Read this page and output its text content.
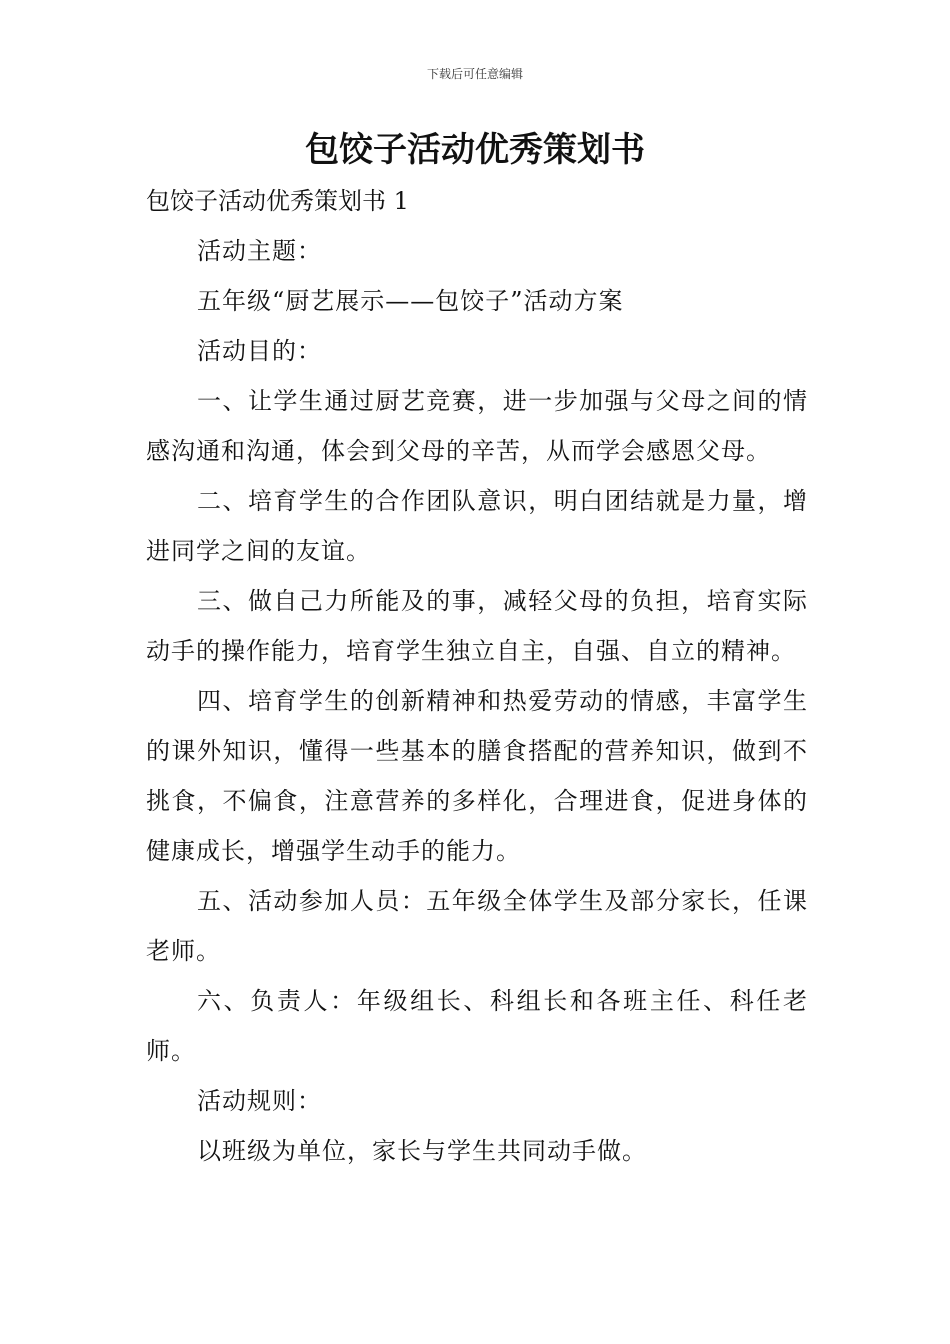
下载后可任意编辑
包饺子活动优秀策划书
包饺子活动优秀策划书 1

活动主题：

五年级“厨艺展示——包饺子”活动方案

活动目的：

一、让学生通过厨艺竞赛，进一步加强与父母之间的情感沟通和沟通，体会到父母的辛苦，从而学会感恩父母。

二、培育学生的合作团队意识，明白团结就是力量，增进同学之间的友谊。

三、做自己力所能及的事，减轻父母的负担，培育实际动手的操作能力，培育学生独立自主，自强、自立的精神。

四、培育学生的创新精神和热爱劳动的情感，丰富学生的课外知识，懂得一些基本的膳食搭配的营养知识，做到不挑食，不偏食，注意营养的多样化，合理进食，促进身体的健康成长，增强学生动手的能力。

五、活动参加人员：五年级全体学生及部分家长，任课老师。

六、负责人：年级组长、科组长和各班主任、科任老师。

活动规则：

以班级为单位，家长与学生共同动手做。
